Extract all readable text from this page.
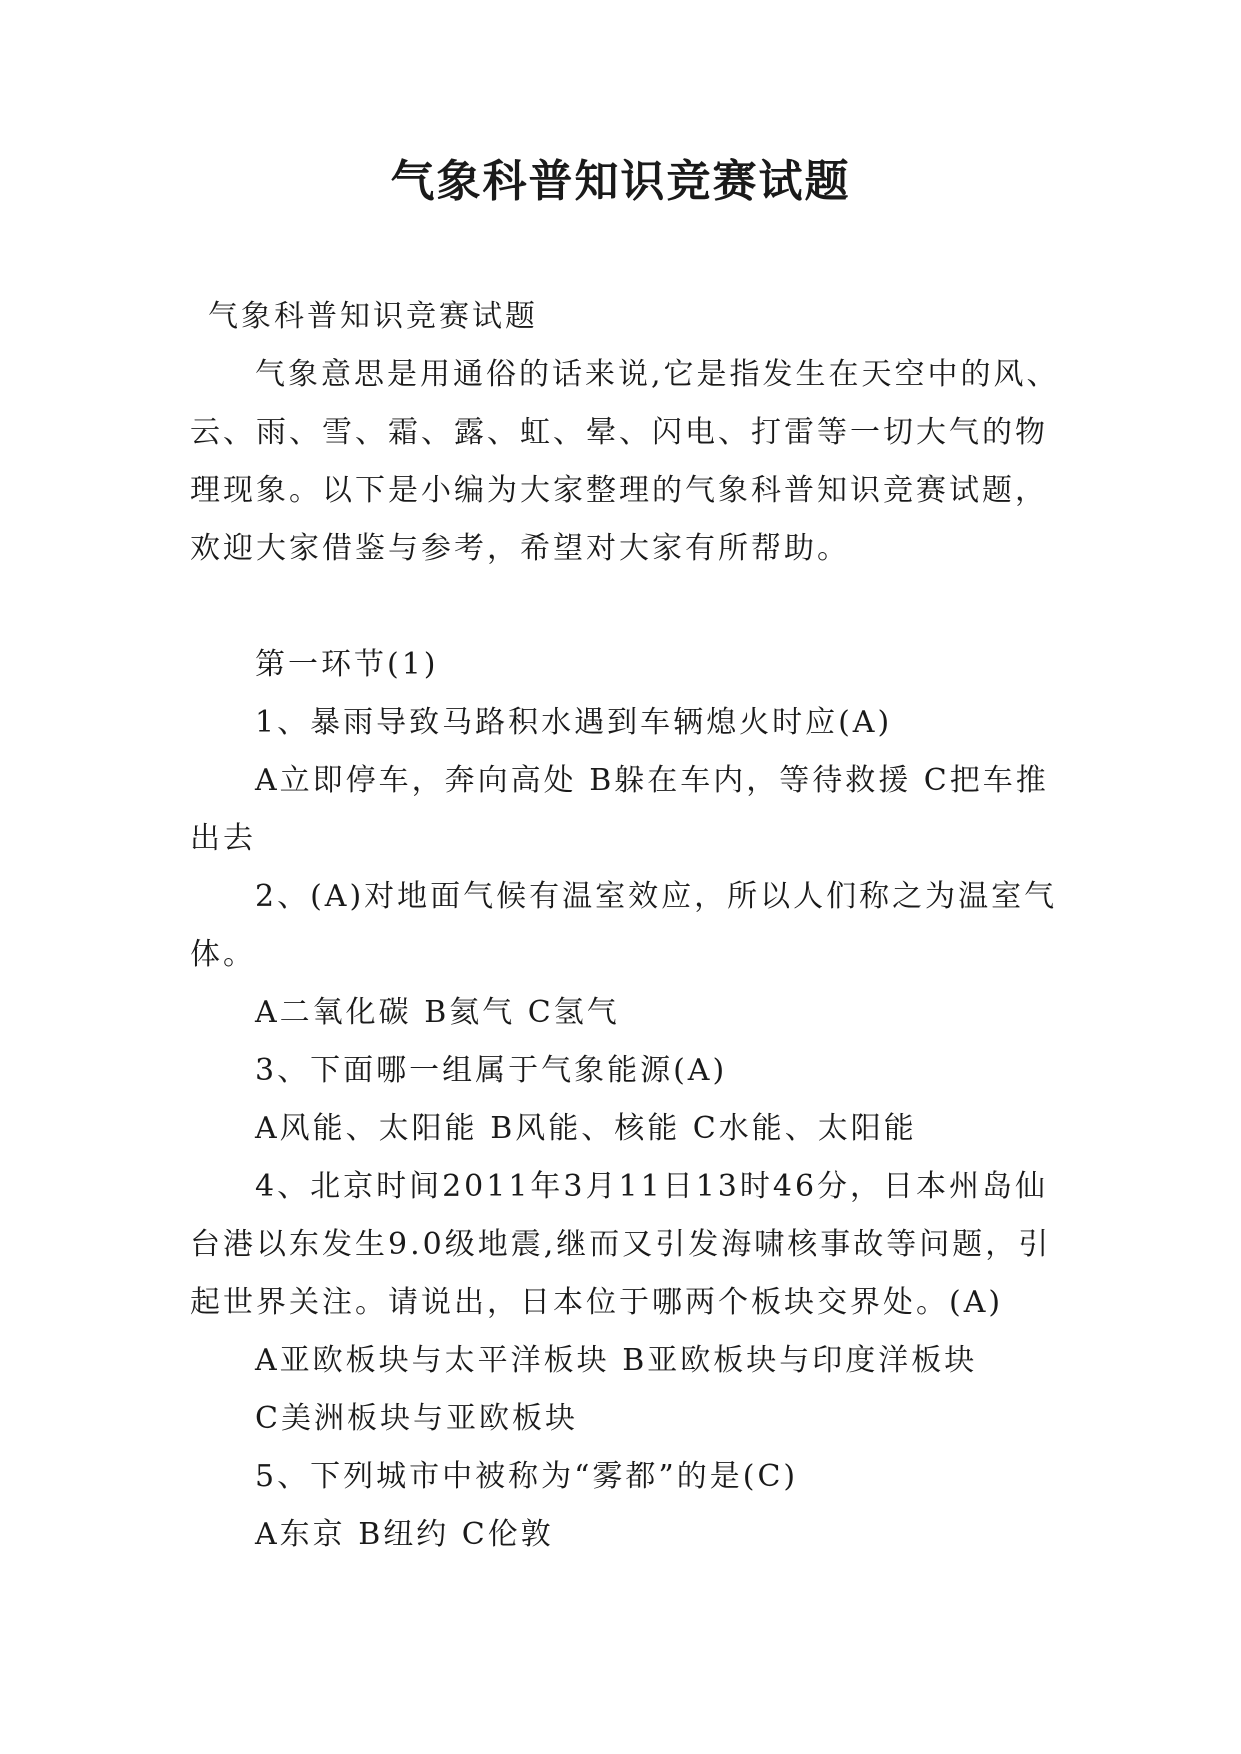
气象科普知识竞赛试题

气象科普知识竞赛试题

气象意思是用通俗的话来说,它是指发生在天空中的风、云、雨、雪、霜、露、虹、晕、闪电、打雷等一切大气的物理现象。以下是小编为大家整理的气象科普知识竞赛试题，欢迎大家借鉴与参考，希望对大家有所帮助。

第一环节(1)

1、暴雨导致马路积水遇到车辆熄火时应(A)

A立即停车，奔向高处 B躲在车内，等待救援 C把车推出去

2、(A)对地面气候有温室效应，所以人们称之为温室气体。

A二氧化碳 B氦气 C氢气

3、下面哪一组属于气象能源(A)

A风能、太阳能 B风能、核能 C水能、太阳能

4、北京时间2011年3月11日13时46分，日本州岛仙台港以东发生9.0级地震,继而又引发海啸核事故等问题，引起世界关注。请说出，日本位于哪两个板块交界处。(A)

A亚欧板块与太平洋板块 B亚欧板块与印度洋板块

C美洲板块与亚欧板块

5、下列城市中被称为“雾都”的是(C)

A东京 B纽约 C伦敦
